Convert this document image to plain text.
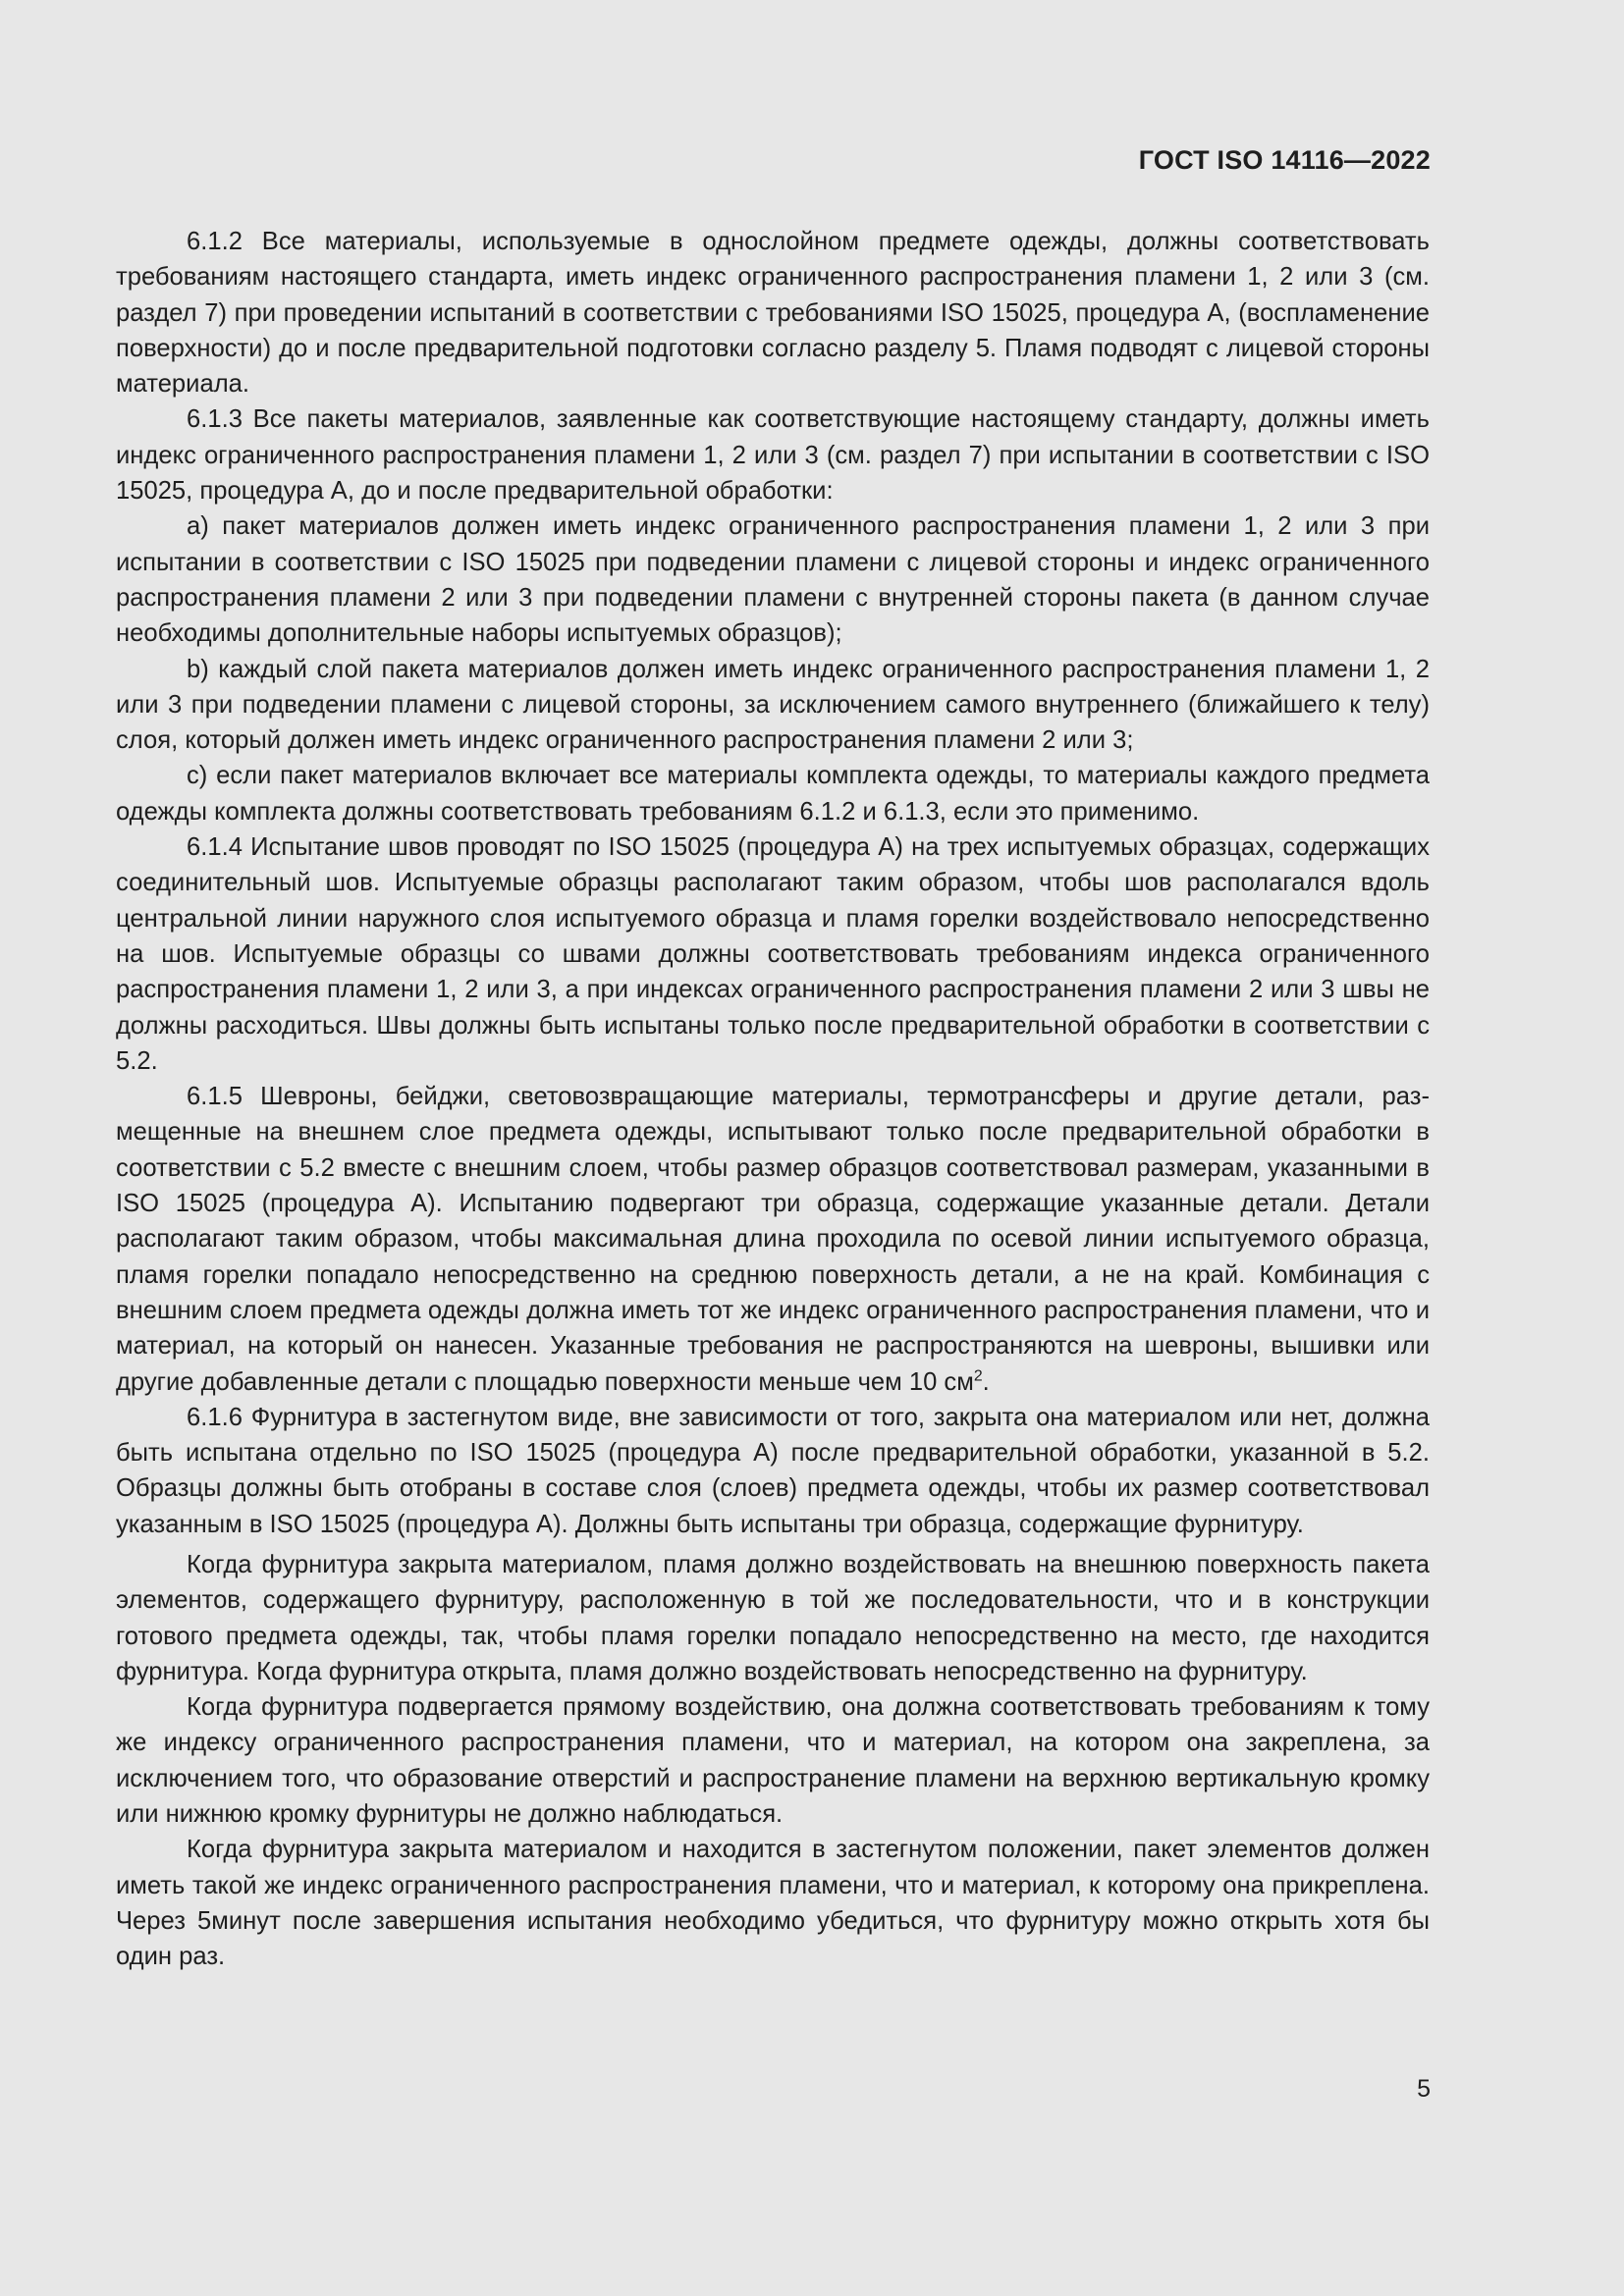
ГОСТ ISO 14116—2022

6.1.2 Все материалы, используемые в однослойном предмете одежды, должны соответствовать требованиям настоящего стандарта, иметь индекс ограниченного распространения пламени 1, 2 или 3 (см. раздел 7) при проведении испытаний в соответствии с требованиями ISO 15025, процедура А, (воспламенение поверхности) до и после предварительной подготовки согласно разделу 5. Пламя подводят с лицевой стороны материала.

6.1.3 Все пакеты материалов, заявленные как соответствующие настоящему стандарту, должны иметь индекс ограниченного распространения пламени 1, 2 или 3 (см. раздел 7) при испытании в соответствии с ISO 15025, процедура А, до и после предварительной обработки:

a) пакет материалов должен иметь индекс ограниченного распространения пламени 1, 2 или 3 при испытании в соответствии с ISO 15025 при подведении пламени с лицевой стороны и индекс ограниченного распространения пламени 2 или 3 при подведении пламени с внутренней стороны пакета (в данном случае необходимы дополнительные наборы испытуемых образцов);

b) каждый слой пакета материалов должен иметь индекс ограниченного распространения пламени 1, 2 или 3 при подведении пламени с лицевой стороны, за исключением самого внутреннего (ближайшего к телу) слоя, который должен иметь индекс ограниченного распространения пламени 2 или 3;

c) если пакет материалов включает все материалы комплекта одежды, то материалы каждого предмета одежды комплекта должны соответствовать требованиям 6.1.2 и 6.1.3, если это применимо.

6.1.4 Испытание швов проводят по ISO 15025 (процедура А) на трех испытуемых образцах, содержащих соединительный шов. Испытуемые образцы располагают таким образом, чтобы шов располагался вдоль центральной линии наружного слоя испытуемого образца и пламя горелки воздействовало непосредственно на шов. Испытуемые образцы со швами должны соответствовать требованиям индекса ограниченного распространения пламени 1, 2 или 3, а при индексах ограниченного распространения пламени 2 или 3 швы не должны расходиться. Швы должны быть испытаны только после предварительной обработки в соответствии с 5.2.

6.1.5 Шевроны, бейджи, световозвращающие материалы, термотрансферы и другие детали, размещенные на внешнем слое предмета одежды, испытывают только после предварительной обработки в соответствии с 5.2 вместе с внешним слоем, чтобы размер образцов соответствовал размерам, указанными в ISO 15025 (процедура А). Испытанию подвергают три образца, содержащие указанные детали. Детали располагают таким образом, чтобы максимальная длина проходила по осевой линии испытуемого образца, пламя горелки попадало непосредственно на среднюю поверхность детали, а не на край. Комбинация с внешним слоем предмета одежды должна иметь тот же индекс ограниченного распространения пламени, что и материал, на который он нанесен. Указанные требования не распространяются на шевроны, вышивки или другие добавленные детали с площадью поверхности меньше чем 10 $см^2$.

6.1.6 Фурнитура в застегнутом виде, вне зависимости от того, закрыта она материалом или нет, должна быть испытана отдельно по ISO 15025 (процедура А) после предварительной обработки, указанной в 5.2. Образцы должны быть отобраны в составе слоя (слоев) предмета одежды, чтобы их размер соответствовал указанным в ISO 15025 (процедура А). Должны быть испытаны три образца, содержащие фурнитуру.

Когда фурнитура закрыта материалом, пламя должно воздействовать на внешнюю поверхность пакета элементов, содержащего фурнитуру, расположенную в той же последовательности, что и в конструкции готового предмета одежды, так, чтобы пламя горелки попадало непосредственно на место, где находится фурнитура. Когда фурнитура открыта, пламя должно воздействовать непосредственно на фурнитуру.

Когда фурнитура подвергается прямому воздействию, она должна соответствовать требованиям к тому же индексу ограниченного распространения пламени, что и материал, на котором она закреплена, за исключением того, что образование отверстий и распространение пламени на верхнюю вертикальную кромку или нижнюю кромку фурнитуры не должно наблюдаться.

Когда фурнитура закрыта материалом и находится в застегнутом положении, пакет элементов должен иметь такой же индекс ограниченного распространения пламени, что и материал, к которому она прикреплена. Через 5минут после завершения испытания необходимо убедиться, что фурнитуру можно открыть хотя бы один раз.

5
